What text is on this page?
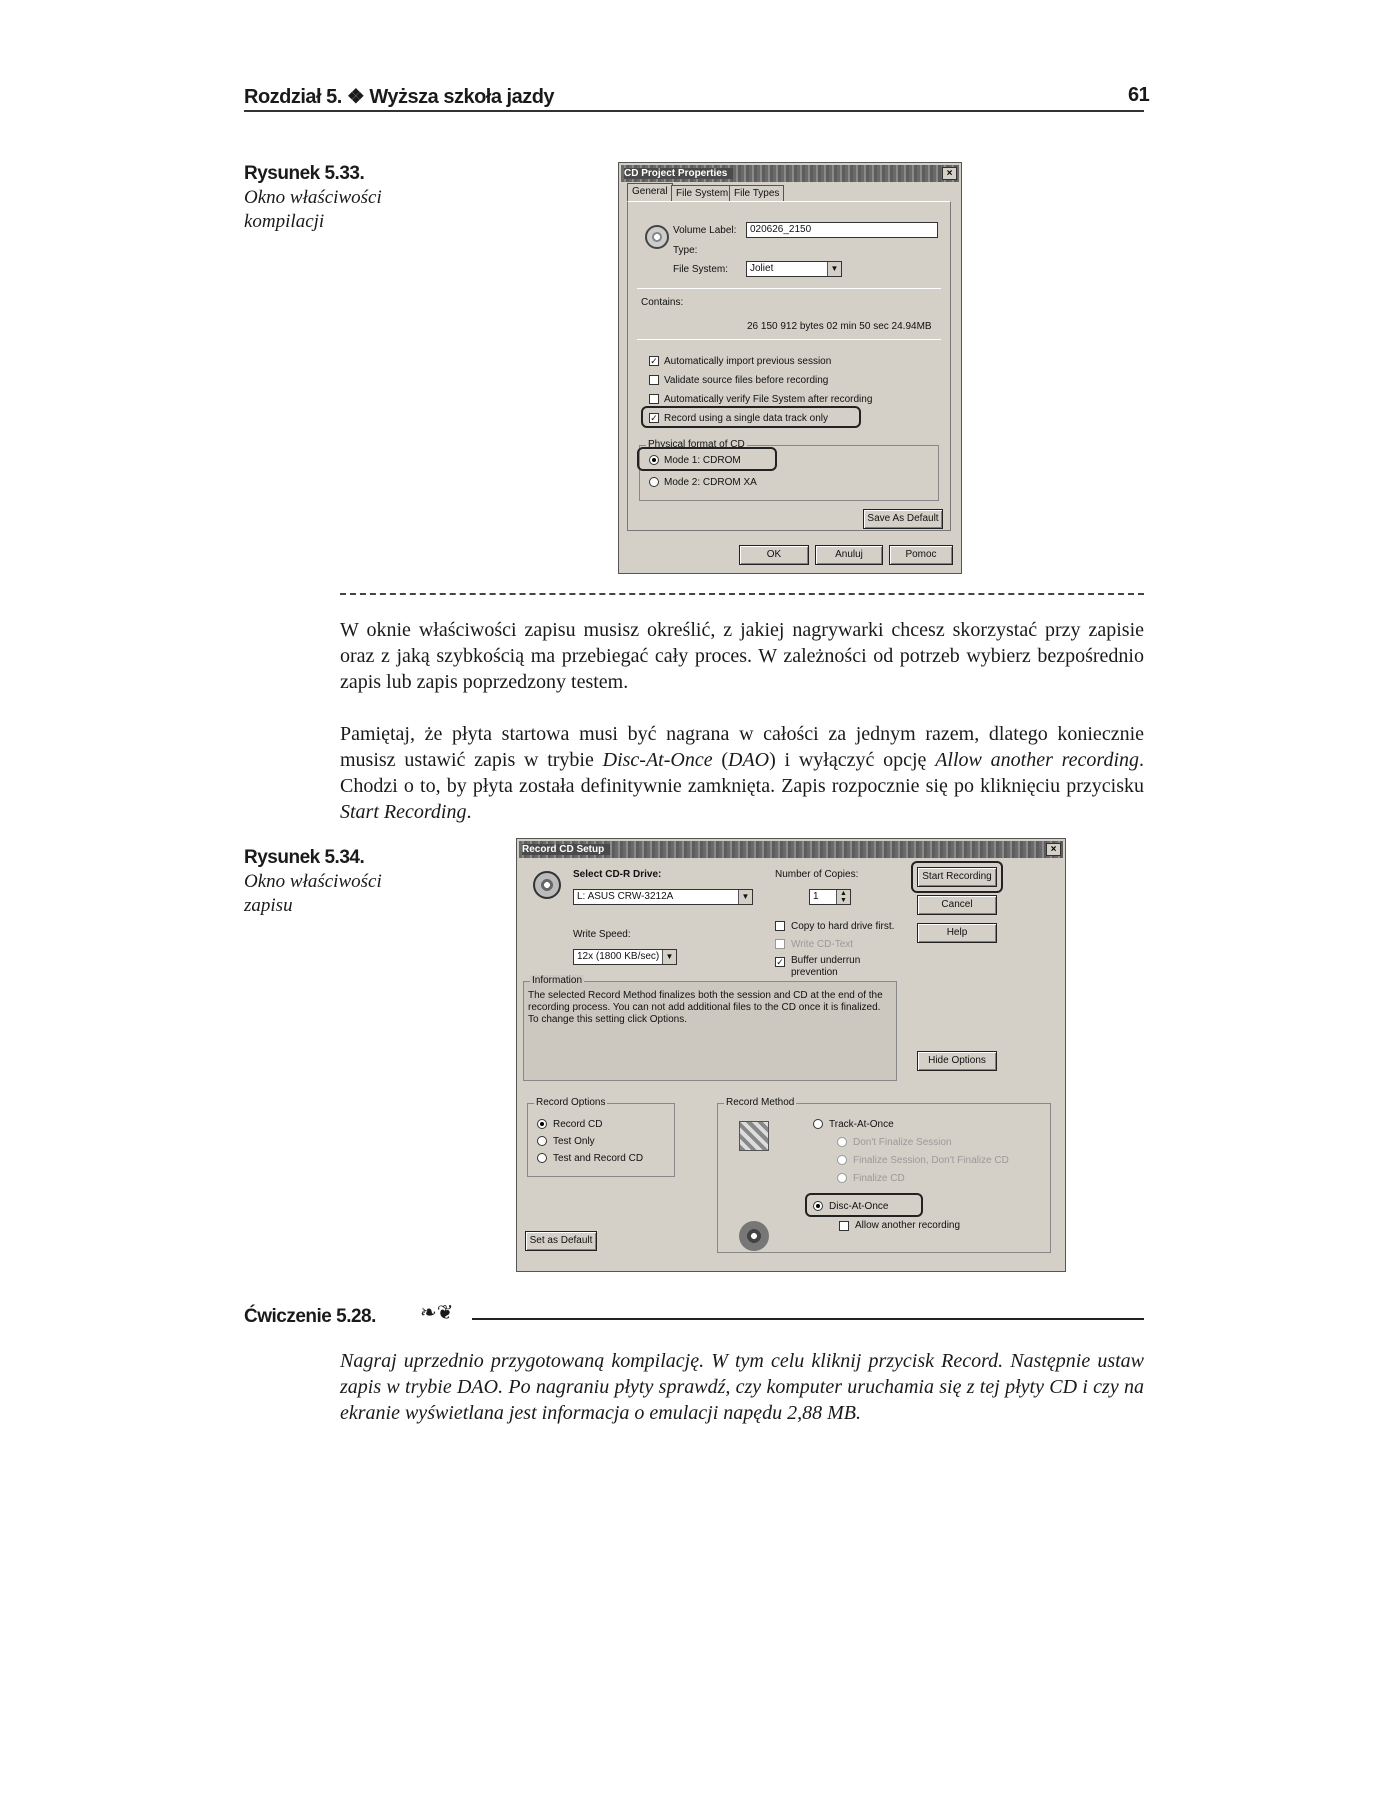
Rozdział 5. ❖ Wyższa szkoła jazdy	61
Rysunek 5.33.
Okno właściwości kompilacji
CD Project Properties	×
General File System File Types
Volume Label:	020626_2150
Type:
File System:	Joliet	▼
Contains:
26 150 912 bytes 02 min 50 sec 24.94MB
✓ Automatically import previous session
Validate source files before recording
Automatically verify File System after recording
✓ Record using a single data track only
Physical format of CD
Mode 1: CDROM
Mode 2: CDROM XA
Save As Default
OK	Anuluj	Pomoc
W oknie właściwości zapisu musisz określić, z jakiej nagrywarki chcesz skorzystać przy zapisie oraz z jaką szybkością ma przebiegać cały proces. W zależności od potrzeb wybierz bezpośrednio zapis lub zapis poprzedzony testem.
Pamiętaj, że płyta startowa musi być nagrana w całości za jednym razem, dlatego koniecznie musisz ustawić zapis w trybie Disc-At-Once (DAO) i wyłączyć opcję Allow another recording. Chodzi o to, by płyta została definitywnie zamknięta. Zapis rozpocznie się po kliknięciu przycisku Start Recording.
Rysunek 5.34.
Okno właściwości zapisu
Record CD Setup	×
Select CD-R Drive:
L: ASUS CRW-3212A	▼
Write Speed:
12x (1800 KB/sec) ▼
Number of Copies:
1	▲
▼
Copy to hard drive first.
Write CD-Text
✓ Buffer underrun prevention
Start Recording
Cancel
Help
Information
The selected Record Method finalizes both the session and CD at the end of the recording process. You can not add additional files to the CD once it is finalized. To change this setting click Options.
Hide Options
Record Options
Record CD
Test Only
Test and Record CD
Set as Default
Record Method
Track-At-Once
Don't Finalize Session
Finalize Session, Don't Finalize CD
Finalize CD
Disc-At-Once
Allow another recording
Ćwiczenie 5.28. ❧❦
Nagraj uprzednio przygotowaną kompilację. W tym celu kliknij przycisk Record. Następnie ustaw zapis w trybie DAO. Po nagraniu płyty sprawdź, czy komputer uruchamia się z tej płyty CD i czy na ekranie wyświetlana jest informacja o emulacji napędu 2,88 MB.
